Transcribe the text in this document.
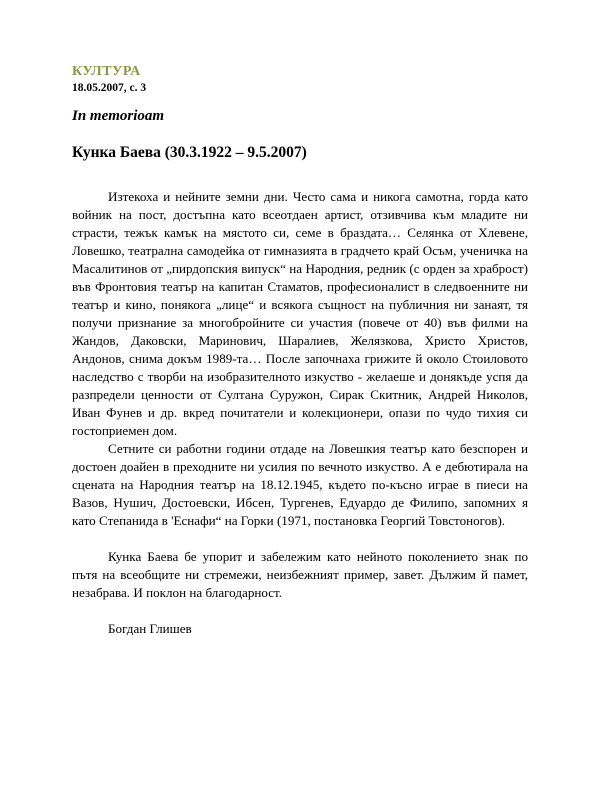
КУЛТУРА
18.05.2007, с. 3
In memorioam
Кунка Баева (30.3.1922 – 9.5.2007)

Изтекоха и нейните земни дни. Често сама и никога самотна, горда като войник на пост, достъпна като всеотдаен артист, отзивчива към младите ни страсти, тежък камък на мястото си, семе в браздата… Селянка от Хлевене, Ловешко, театрална самодейка от гимназията в градчето край Осъм, ученичка на Масалитинов от „пирдопския випуск“ на Народния, редник (с орден за храброст) във Фронтовия театър на капитан Стаматов, професионалист в следвоенните ни театър и кино, понякога „лице“ и всякога същност на публичния ни занаят, тя получи признание за многобройните си участия (повече от 40) във филми на Жандов, Даковски, Маринович, Шаралиев, Желязкова, Христо Христов, Андонов, снима докъм 1989-та… После започнаха грижите й около Стоиловото наследство с творби на изобразителното изкуство - желаеше и донякъде успя да разпредели ценности от Султана Суружон, Сирак Скитник, Андрей Николов, Иван Фунев и др. вкред почитатели и колекционери, опази по чудо тихия си гостоприемен дом.

Сетните си работни години отдаде на Ловешкия театър като безспорен и достоен доайен в преходните ни усилия по вечното изкуство. А е дебютирала на сцената на Народния театър на 18.12.1945, където по-късно играе в пиеси на Вазов, Нушич, Достоевски, Ибсен, Тургенев, Едуардо де Филипо, запомних я като Степанида в 'Еснафи“ на Горки (1971, постановка Георгий Товстоногов).

Кунка Баева бе упорит и забележим като нейното поколението знак по пътя на всеобщите ни стремежи, неизбежният пример, завет. Дължим й памет, незабрава. И поклон на благодарност.

Богдан Глишев
